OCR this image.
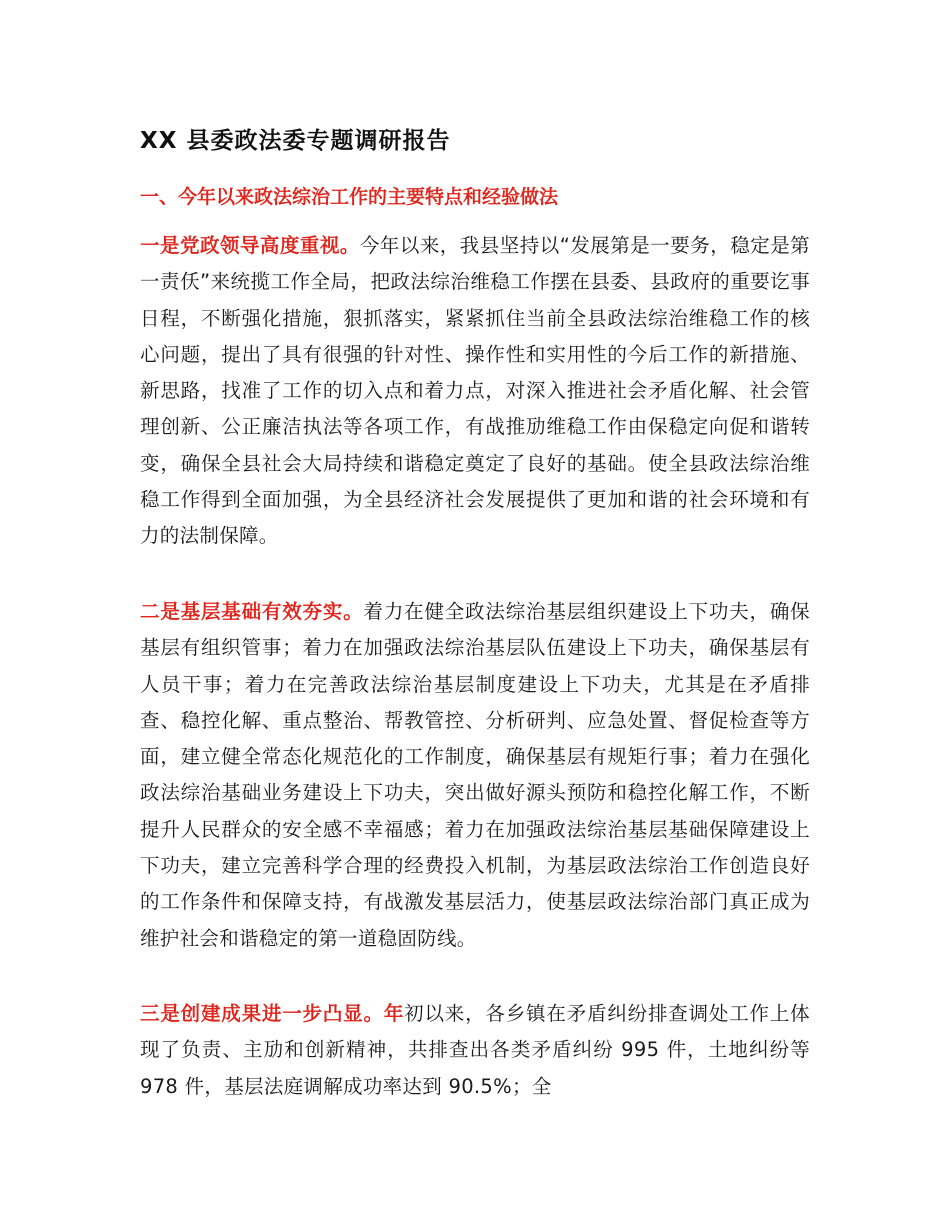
XX 县委政法委专题调研报告
一、今年以来政法综治工作的主要特点和经验做法

一是党政领导高度重视。今年以来，我县坚持以“发展第是一要务，稳定是第一责仸”来统揽工作全局，把政法综治维稳工作摆在县委、县政府的重要讫事日程，不断强化措施，狠抓落实，紧紧抓住当前全县政法综治维稳工作的核心问题，提出了具有很强的针对性、操作性和实用性的今后工作的新措施、新思路，找准了工作的切入点和着力点，对深入推进社会矛盾化解、社会管理创新、公正廉洁执法等各项工作，有战推劢维稳工作由保稳定向促和谐转变，确保全县社会大局持续和谐稳定奠定了良好的基础。使全县政法综治维稳工作得到全面加强，为全县经济社会发展提供了更加和谐的社会环境和有力的法制保障。

二是基层基础有效夯实。着力在健全政法综治基层组织建设上下功夫，确保基层有组织管事；着力在加强政法综治基层队伍建设上下功夫，确保基层有人员干事；着力在完善政法综治基层制度建设上下功夫，尤其是在矛盾排查、稳控化解、重点整治、帮教管控、分析研判、应急处置、督促检查等方面，建立健全常态化规范化的工作制度，确保基层有规矩行事；着力在强化政法综治基础业务建设上下功夫，突出做好源头预防和稳控化解工作，不断提升人民群众的安全感不幸福感；着力在加强政法综治基层基础保障建设上下功夫，建立完善科学合理的经费投入机制，为基层政法综治工作创造良好的工作条件和保障支持，有战激发基层活力，使基层政法综治部门真正成为维护社会和谐稳定的第一道稳固防线。

三是创建成果进一步凸显。年初以来，各乡镇在矛盾纠纷排查调处工作上体现了负责、主劢和创新精神，共排查出各类矛盾纠纷 995 件，土地纠纷等 978 件，基层法庭调解成功率达到 90.5%；全
